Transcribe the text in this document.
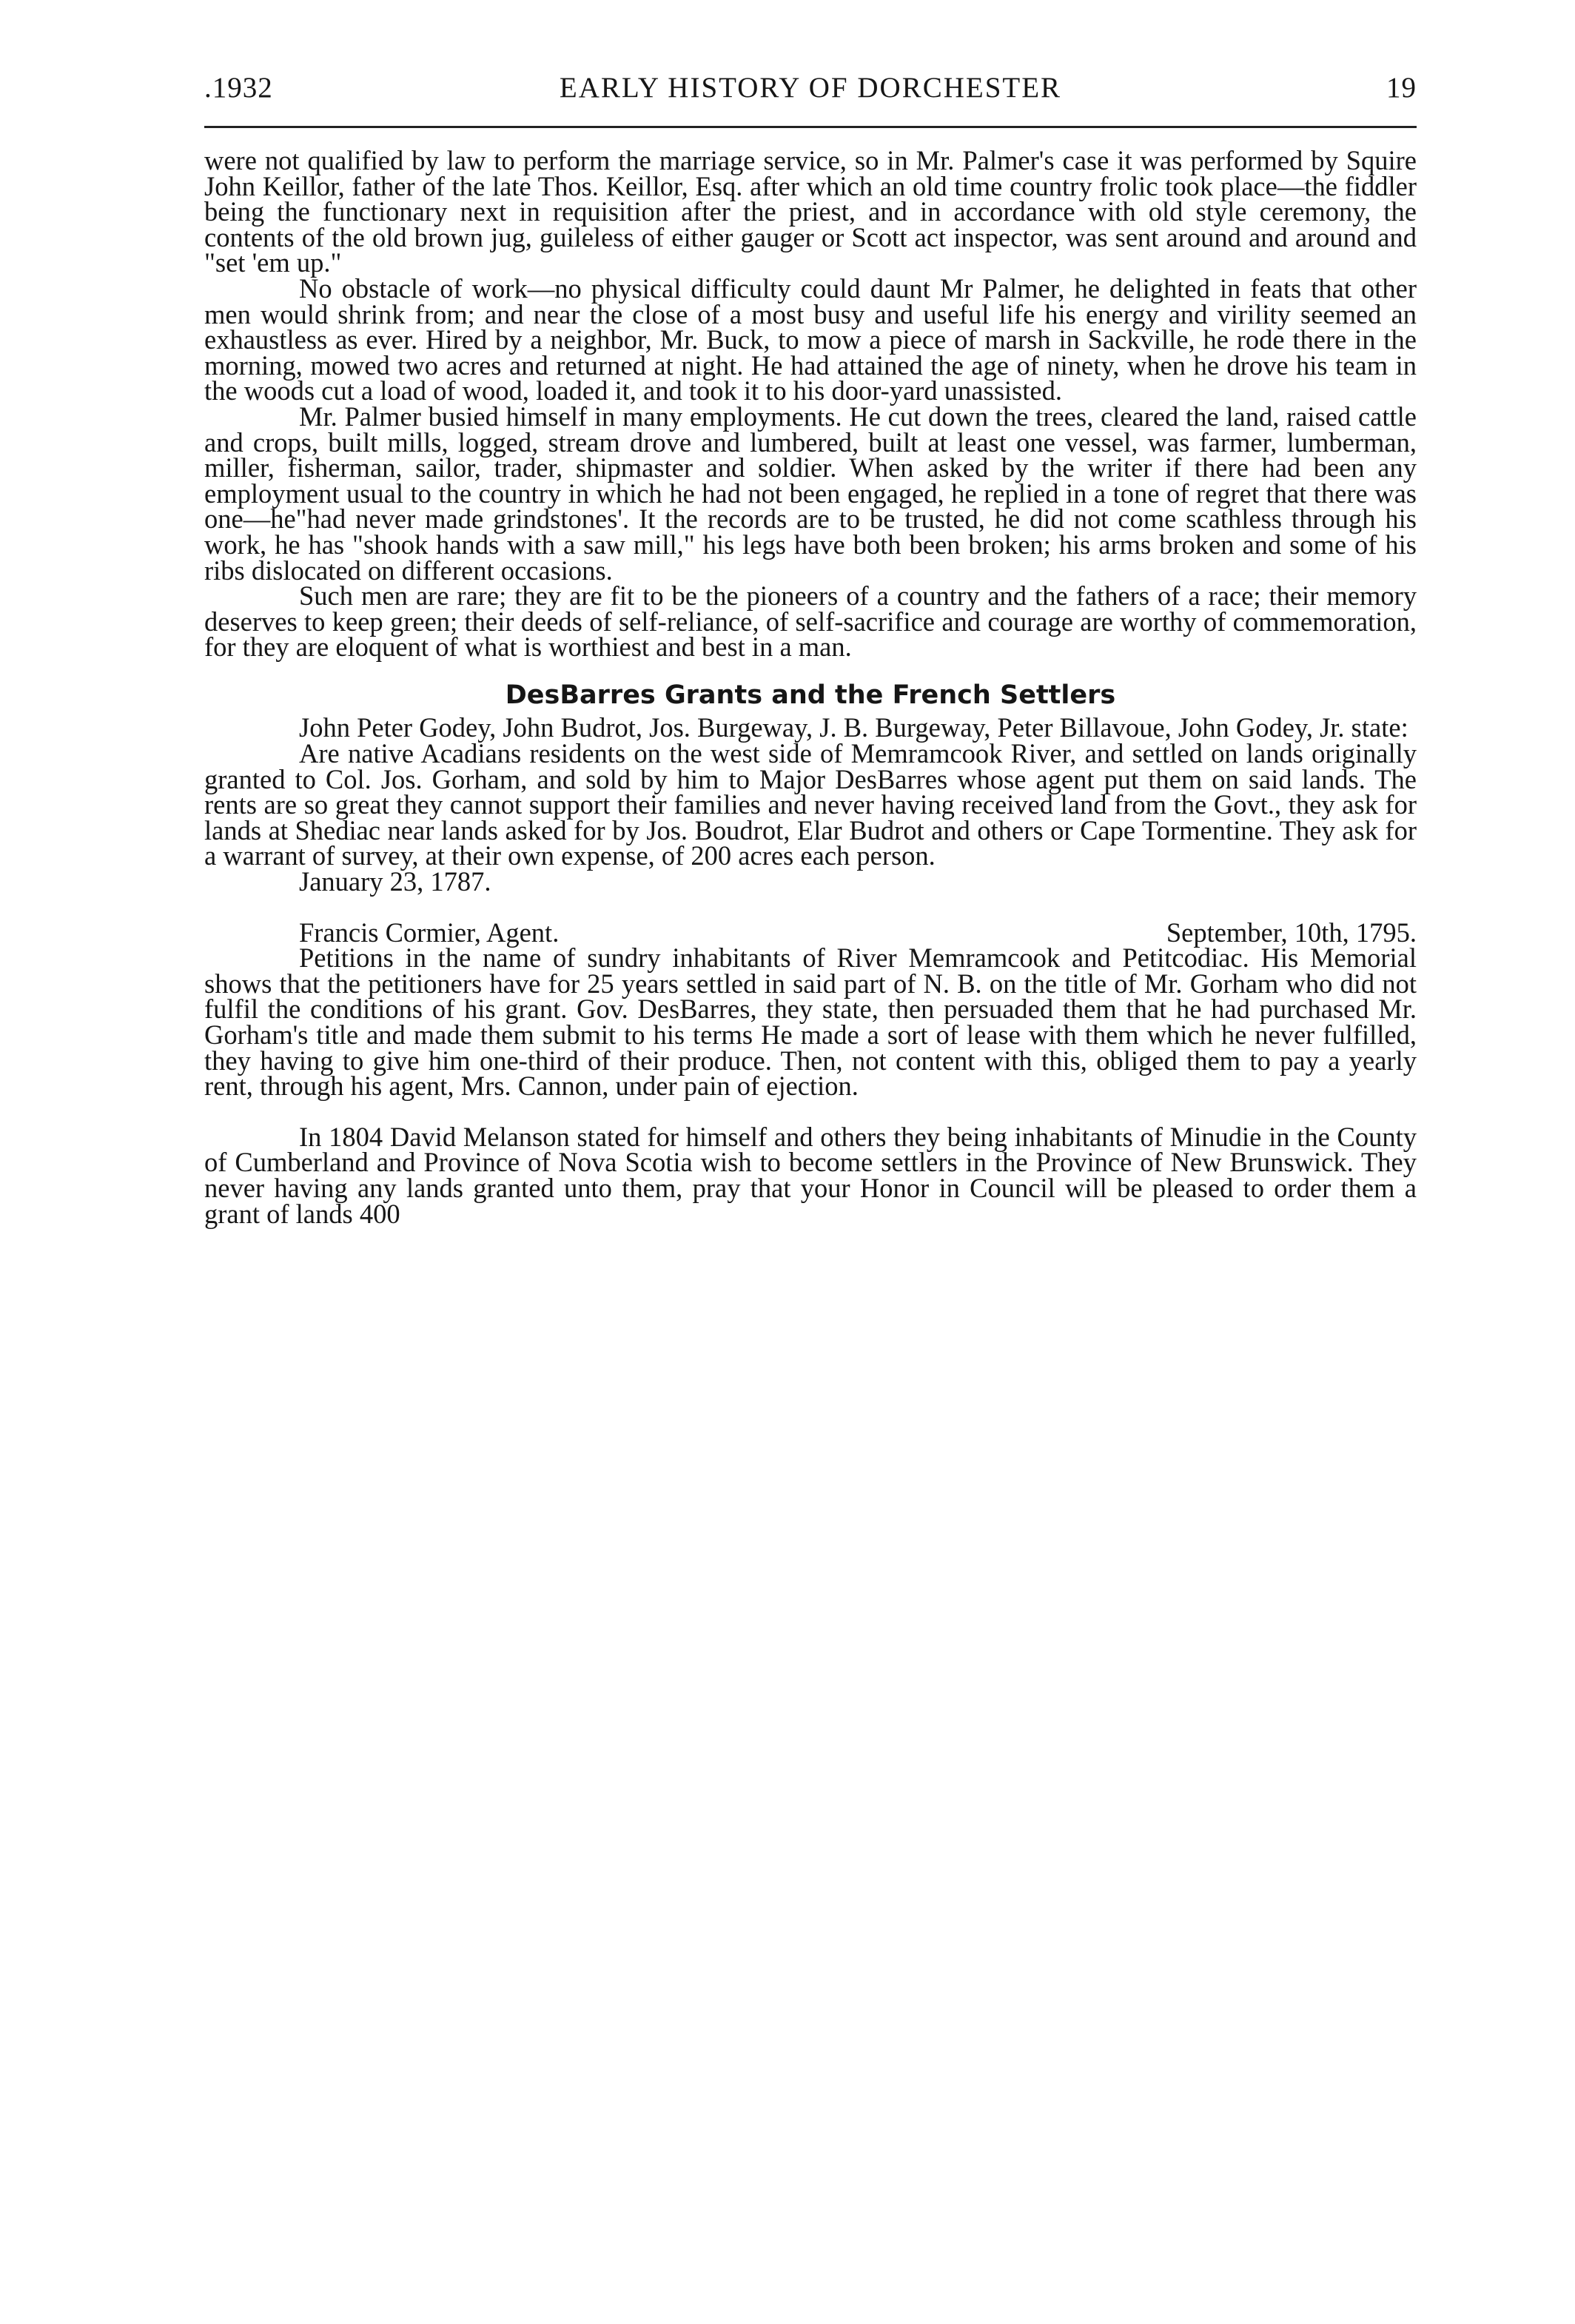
.1932	EARLY HISTORY OF DORCHESTER	19

were not qualified by law to perform the marriage service, so in Mr. Palmer's case it was performed by Squire John Keillor, father of the late Thos. Keillor, Esq. after which an old time country frolic took place—the fiddler being the functionary next in requisition after the priest, and in accordance with old style ceremony, the contents of the old brown jug, guileless of either gauger or Scott act inspector, was sent around and around and "set 'em up."

No obstacle of work—no physical difficulty could daunt Mr Palmer, he delighted in feats that other men would shrink from; and near the close of a most busy and useful life his energy and virility seemed an exhaustless as ever. Hired by a neighbor, Mr. Buck, to mow a piece of marsh in Sackville, he rode there in the morning, mowed two acres and returned at night. He had attained the age of ninety, when he drove his team in the woods cut a load of wood, loaded it, and took it to his door-yard unassisted.

Mr. Palmer busied himself in many employments. He cut down the trees, cleared the land, raised cattle and crops, built mills, logged, stream drove and lumbered, built at least one vessel, was farmer, lumberman, miller, fisherman, sailor, trader, shipmaster and soldier. When asked by the writer if there had been any employment usual to the country in which he had not been engaged, he replied in a tone of regret that there was one—he"had never made grindstones'. It the records are to be trusted, he did not come scathless through his work, he has "shook hands with a saw mill," his legs have both been broken; his arms broken and some of his ribs dislocated on different occasions.

Such men are rare; they are fit to be the pioneers of a country and the fathers of a race; their memory deserves to keep green; their deeds of self-reliance, of self-sacrifice and courage are worthy of commemoration, for they are eloquent of what is worthiest and best in a man.

DesBarres Grants and the French Settlers

John Peter Godey, John Budrot, Jos. Burgeway, J. B. Burgeway, Peter Billavoue, John Godey, Jr. state:

Are native Acadians residents on the west side of Memramcook River, and settled on lands originally granted to Col. Jos. Gorham, and sold by him to Major DesBarres whose agent put them on said lands. The rents are so great they cannot support their families and never having received land from the Govt., they ask for lands at Shediac near lands asked for by Jos. Boudrot, Elar Budrot and others or Cape Tormentine. They ask for a warrant of survey, at their own expense, of 200 acres each person.

January 23, 1787.

Francis Cormier, Agent.	September, 10th, 1795.

Petitions in the name of sundry inhabitants of River Memramcook and Petitcodiac. His Memorial shows that the petitioners have for 25 years settled in said part of N. B. on the title of Mr. Gorham who did not fulfil the conditions of his grant. Gov. DesBarres, they state, then persuaded them that he had purchased Mr. Gorham's title and made them submit to his terms He made a sort of lease with them which he never fulfilled, they having to give him one-third of their produce. Then, not content with this, obliged them to pay a yearly rent, through his agent, Mrs. Cannon, under pain of ejection.

In 1804 David Melanson stated for himself and others they being inhabitants of Minudie in the County of Cumberland and Province of Nova Scotia wish to become settlers in the Province of New Brunswick. They never having any lands granted unto them, pray that your Honor in Council will be pleased to order them a grant of lands 400
